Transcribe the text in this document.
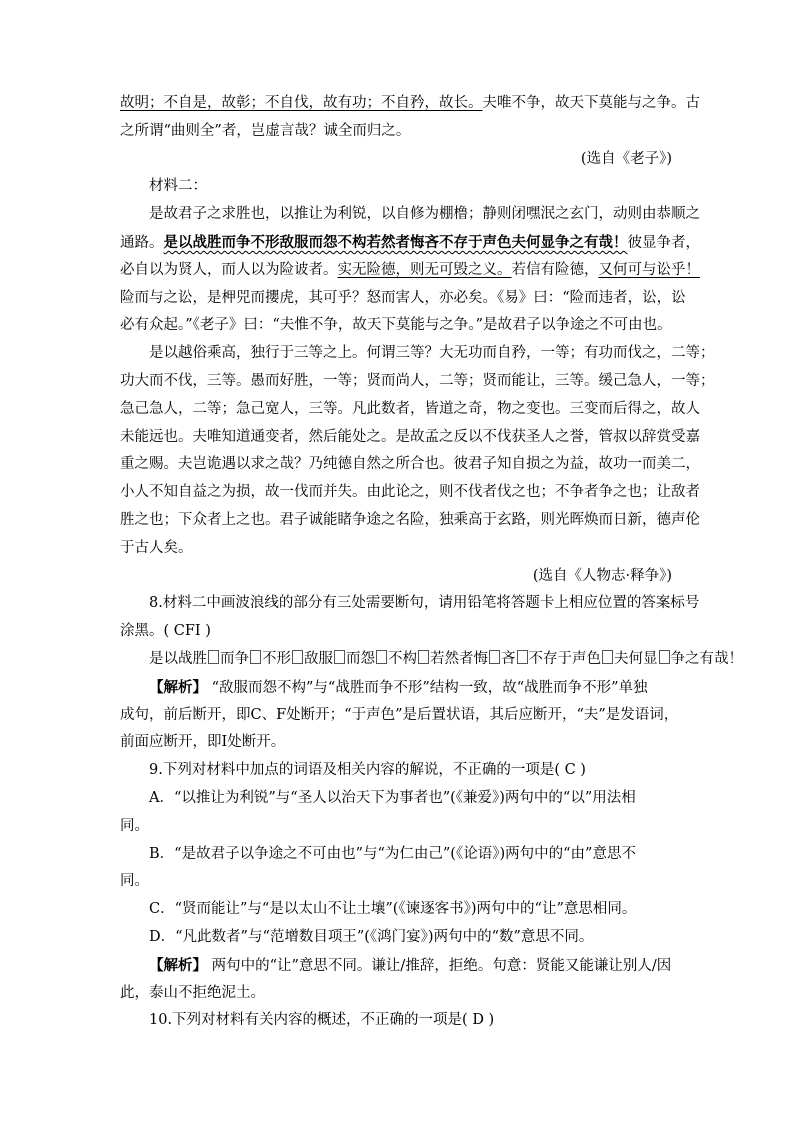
故明；不自是，故彰；不自伐，故有功；不自矜，故长。夫唯不争，故天下莫能与之争。古
之所谓“曲则全”者，岂虚言哉？诚全而归之。
(选自《老子》)
材料二：
是故君子之求胜也，以推让为利锐，以自修为棚橹；静则闭嘿泯之玄门，动则由恭顺之
通路。是以战胜而争不形敌服而怨不构若然者悔吝不存于声色夫何显争之有哉！彼显争者，
必自以为贤人，而人以为险诐者。实无险德，则无可毁之义。若信有险德，又何可与讼乎！
险而与之讼，是柙兕而攖虎，其可乎？怒而害人，亦必矣。《易》曰：“险而违者，讼，讼
必有众起。”《老子》曰：“夫惟不争，故天下莫能与之争。”是故君子以争途之不可由也。
是以越俗乘高，独行于三等之上。何谓三等？大无功而自矜，一等；有功而伐之，二等；
功大而不伐，三等。愚而好胜，一等；贤而尚人，二等；贤而能让，三等。缓己急人，一等；
急己急人，二等；急己宽人，三等。凡此数者，皆道之奇，物之变也。三变而后得之，故人
未能远也。夫唯知道通变者，然后能处之。是故孟之反以不伐获圣人之誉，管叔以辞赏受嘉
重之赐。夫岂诡遇以求之哉？乃纯德自然之所合也。彼君子知自损之为益，故功一而美二，
小人不知自益之为损，故一伐而并失。由此论之，则不伐者伐之也；不争者争之也；让敌者
胜之也；下众者上之也。君子诚能睹争途之名险，独乘高于玄路，则光晖焕而日新，德声伦
于古人矣。
(选自《人物志·释争》)
8.材料二中画波浪线的部分有三处需要断句，请用铅笔将答题卡上相应位置的答案标号
涂黑。( CFI )
是以战胜 而争 不形 敌服 而怨 不构 若然者悔 吝 不存于声色 夫何显 争之有哉！
【解析】 “敌服而怨不构”与“战胜而争不形”结构一致，故“战胜而争不形”单独
成句，前后断开，即C、F处断开；“于声色”是后置状语，其后应断开，“夫”是发语词，
前面应断开，即I处断开。
9.下列对材料中加点的词语及相关内容的解说，不正确的一项是( C )
A．“以推让为利锐”与“圣人以治天下为事者也”(《兼爱》)两句中的“以”用法相
同。
B．“是故君子以争途之不可由也”与“为仁由己”(《论语》)两句中的“由”意思不
同。
C．“贤而能让”与“是以太山不让土壤”(《谏逐客书》)两句中的“让”意思相同。
D．“凡此数者”与“范增数目项王”(《鸿门宴》)两句中的“数”意思不同。
【解析】 两句中的“让”意思不同。谦让/推辞，拒绝。句意：贤能又能谦让别人/因
此，泰山不拒绝泥土。
10.下列对材料有关内容的概述，不正确的一项是( D )
